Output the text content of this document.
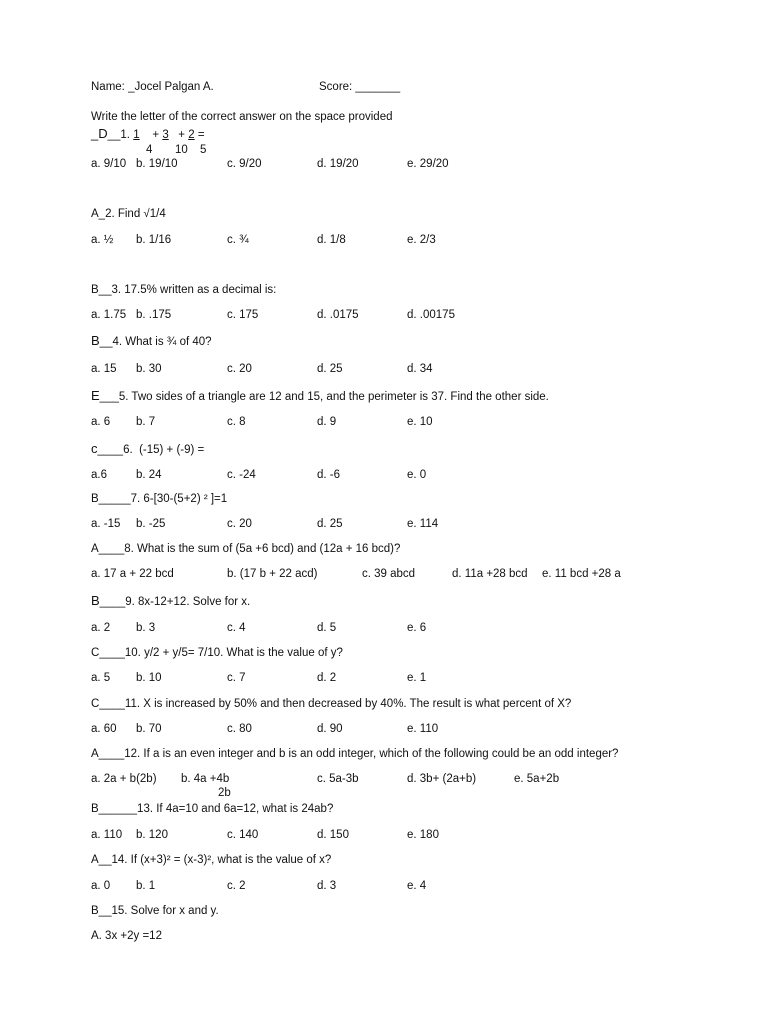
Name: _Jocel Palgan A.	Score: _______
Write the letter of the correct answer on the space provided
_D__1. 1    + 3   + 2 =
4 10 5
a. 9/10 b. 19/10	c. 9/20	d. 19/20	e. 29/20
A_2. Find √1/4
a. ½ b. 1/16	c. ¾	d. 1/8	e. 2/3
B__3. 17.5% written as a decimal is:
a. 1.75 b. .175	c. 175	d. .0175	d. .00175
B__4. What is ¾ of 40?
a. 15 b. 30	c. 20	d. 25	d. 34
E___5. Two sides of a triangle are 12 and 15, and the perimeter is 37. Find the other side.
a. 6 b. 7	c. 8	d. 9	e. 10
c____6.  (-15) + (-9) =
a.6	b. 24	c. -24	d. -6	e. 0
B_____7. 6-[30-(5+2) ² ]=1
a. -15 b. -25	c. 20	d. 25	e. 114
A____8. What is the sum of (5a +6 bcd) and (12a + 16 bcd)?
a. 17 a + 22 bcd	b. (17 b + 22 acd)	c. 39 abcd	d. 11a +28 bcd e. 11 bcd +28 a
B____9. 8x-12+12. Solve for x.
a. 2 b. 3	c. 4	d. 5	e. 6
C____10. y/2 + y/5= 7/10. What is the value of y?
a. 5 b. 10	c. 7	d. 2	e. 1
C____11. X is increased by 50% and then decreased by 40%. The result is what percent of X?
a. 60 b. 70	c. 80	d. 90	e. 110
A____12. If a is an even integer and b is an odd integer, which of the following could be an odd integer?
a. 2a + b(2b) b. 4a +4b
2b
c. 5a-3b	d. 3b+ (2a+b)	e. 5a+2b
B______13. If 4a=10 and 6a=12, what is 24ab?
a. 110 b. 120	c. 140	d. 150	e. 180
A__14. If (x+3)² = (x-3)², what is the value of x?
a. 0 b. 1	c. 2	d. 3	e. 4
B__15. Solve for x and y.
A. 3x +2y =12
